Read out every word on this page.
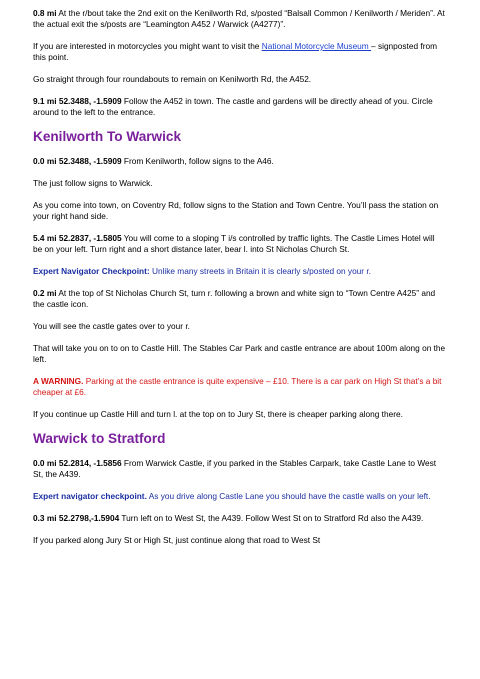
0.8 mi At the r/bout take the 2nd exit on the Kenilworth Rd, s/posted “Balsall Common / Kenilworth / Meriden”. At the actual exit the s/posts are “Leamington A452 / Warwick (A4277)”.

If you are interested in motorcycles you might want to visit the National Motorcycle Museum – signposted from this point.

Go straight through four roundabouts to remain on Kenilworth Rd, the A452.

9.1 mi 52.3488, -1.5909 Follow the A452 in town. The castle and gardens will be directly ahead of you. Circle around to the left to the entrance.

Kenilworth To Warwick

0.0 mi 52.3488, -1.5909 From Kenilworth, follow signs to the A46.

The just follow signs to Warwick.

As you come into town, on Coventry Rd, follow signs to the Station and Town Centre. You’ll pass the station on your right hand side.

5.4 mi 52.2837, -1.5805 You will come to a sloping T i/s controlled by traffic lights. The Castle Limes Hotel will be on your left. Turn right and a short distance later, bear l. into St Nicholas Church St.

Expert Navigator Checkpoint: Unlike many streets in Britain it is clearly s/posted on your r.

0.2 mi At the top of St Nicholas Church St, turn r. following a brown and white sign to “Town Centre A425” and the castle icon.

You will see the castle gates over to your r.

That will take you on to on to Castle Hill. The Stables Car Park and castle entrance are about 100m along on the left.

A WARNING. Parking at the castle entrance is quite expensive – £10. There is a car park on High St that’s a bit cheaper at £6.

If you continue up Castle Hill and turn l. at the top on to Jury St, there is cheaper parking along there.

Warwick to Stratford

0.0 mi 52.2814, -1.5856 From Warwick Castle, if you parked in the Stables Carpark, take Castle Lane to West St, the A439.

Expert navigator checkpoint. As you drive along Castle Lane you should have the castle walls on your left.

0.3 mi 52.2798,-1.5904 Turn left on to West St, the A439. Follow West St on to Stratford Rd also the A439.

If you parked along Jury St or High St, just continue along that road to West St
